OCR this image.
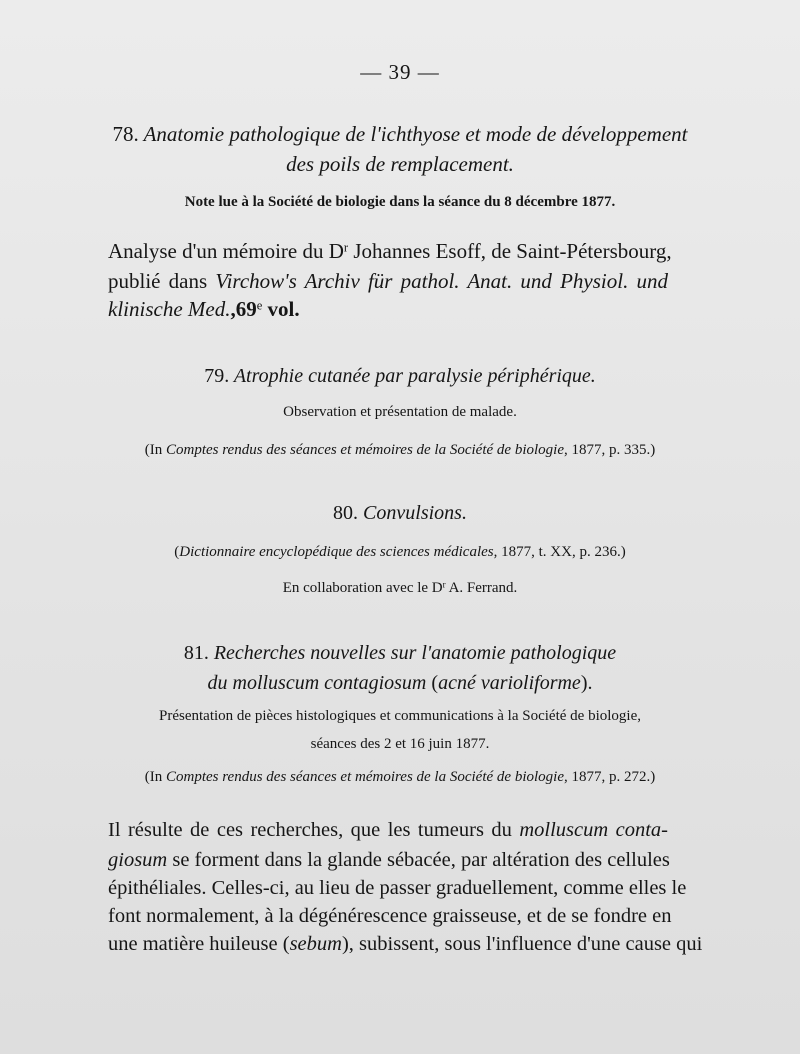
— 39 —
78. Anatomie pathologique de l'ichthyose et mode de développement
des poils de remplacement.
Note lue à la Société de biologie dans la séance du 8 décembre 1877.
Analyse d'un mémoire du $D^r$ Johannes Esoff, de Saint-Pétersbourg,
publié dans Virchow's Archiv für pathol. Anat. und Physiol. und
klinische Med.,69e vol.
79. Atrophie cutanée par paralysie périphérique.
Observation et présentation de malade.
(In Comptes rendus des séances et mémoires de la Société de biologie, 1877, p. 335.)
80. Convulsions.
(Dictionnaire encyclopédique des sciences médicales, 1877, t. XX, p. 236.)
En collaboration avec le $D^r$ A. Ferrand.
81. Recherches nouvelles sur l'anatomie pathologique
du molluscum contagiosum (acné varioliforme).
Présentation de pièces histologiques et communications à la Société de biologie,
séances des 2 et 16 juin 1877.
(In Comptes rendus des séances et mémoires de la Société de biologie, 1877, p. 272.)
Il résulte de ces recherches, que les tumeurs du molluscum conta-
giosum se forment dans la glande sébacée, par altération des cellules
épithéliales. Celles-ci, au lieu de passer graduellement, comme elles le
font normalement, à la dégénérescence graisseuse, et de se fondre en
une matière huileuse (sebum), subissent, sous l'influence d'une cause qui
